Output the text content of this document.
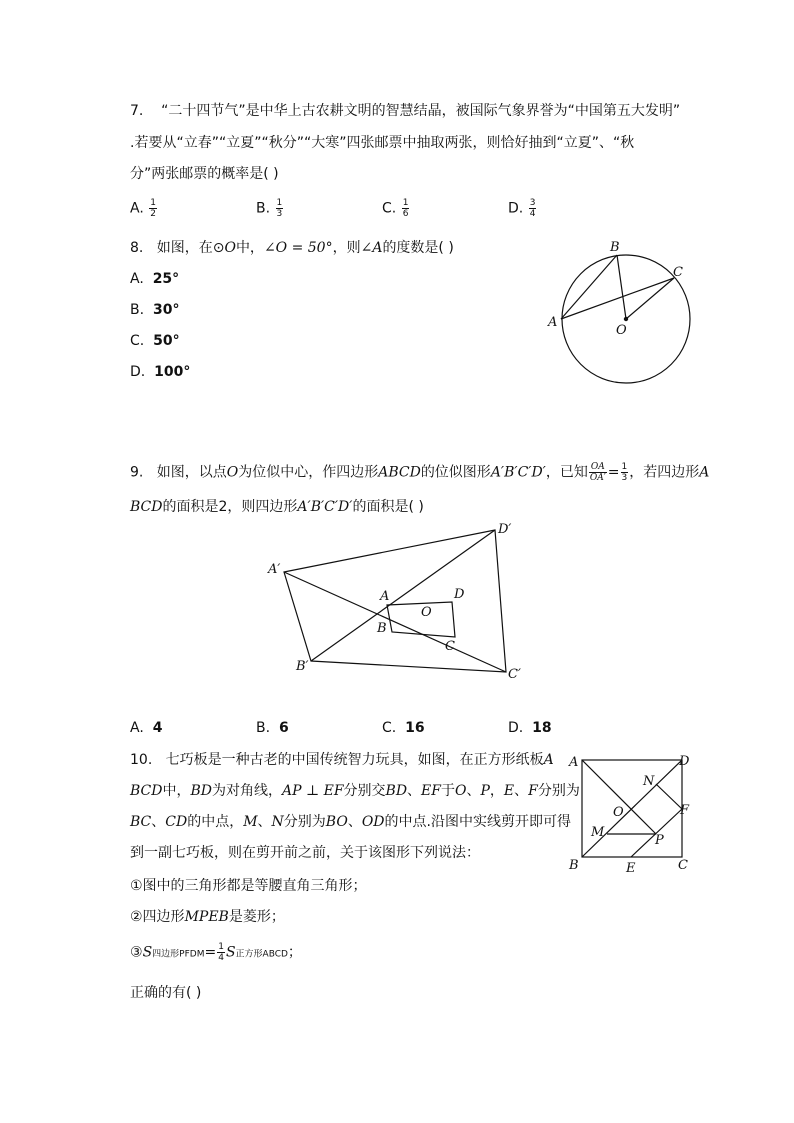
7. “二十四节气”是中华上古农耕文明的智慧结晶，被国际气象界誉为“中国第五大发明”
.若要从“立春”“立夏”“秋分”“大寒”四张邮票中抽取两张，则恰好抽到“立夏”、“秋
分”两张邮票的概率是( )
A. $\frac{1}{2}$	B. $\frac{1}{3}$	C. $\frac{1}{6}$	D. $\frac{3}{4}$
8. 如图，在⊙O中，∠O = 50°，则∠A的度数是( )
A. 25°
B. 30°
C. 50°
D. 100°
B
C
A
O
9. 如图，以点O为位似中心，作四边形ABCD的位似图形A′B′C′D′，已知 $\frac{OA}{OA'} = \frac{1}{3}$ ，若四边形A
BCD的面积是2，则四边形A′B′C′D′的面积是( )
A′
D′
C′
B′
A	D
C
B
O
A. 4	B. 6	C. 16	D. 18
10. 七巧板是一种古老的中国传统智力玩具，如图，在正方形纸板A
BCD中，BD为对角线，AP ⊥ EF分别交BD、EF于O、P，E、F分别为
BC、CD的中点，M、N分别为BO、OD的中点.沿图中实线剪开即可得
到一副七巧板，则在剪开前之前，关于该图形下列说法：
①图中的三角形都是等腰直角三角形；
②四边形MPEB是菱形；
③S四边形PFDM= $\frac{1}{4}$ S正方形ABCD；
正确的有( )
A	D
N
O	F
M
P
B	E	C
